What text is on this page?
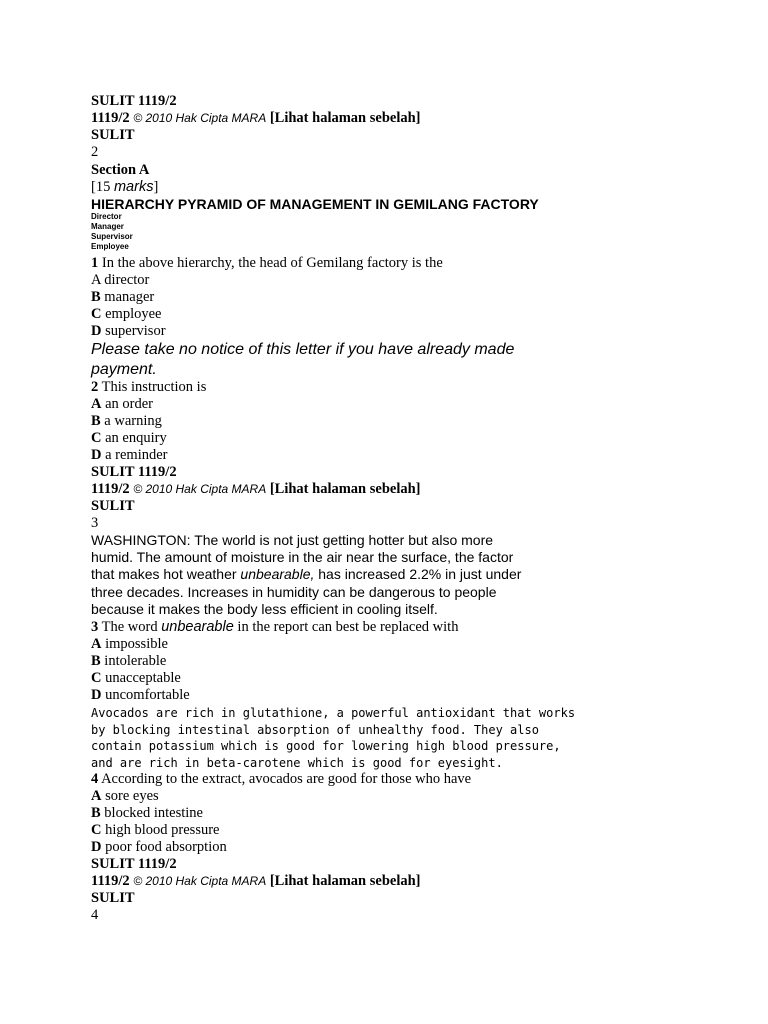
SULIT 1119/2
1119/2 © 2010 Hak Cipta MARA [Lihat halaman sebelah]
SULIT
2
Section A
[15 marks]
HIERARCHY PYRAMID OF MANAGEMENT IN GEMILANG FACTORY
Director
Manager
Supervisor
Employee
1 In the above hierarchy, the head of Gemilang factory is the
A director
B manager
C employee
D supervisor
Please take no notice of this letter if you have already made
payment.
2 This instruction is
A an order
B a warning
C an enquiry
D a reminder
SULIT 1119/2
1119/2 © 2010 Hak Cipta MARA [Lihat halaman sebelah]
SULIT
3
WASHINGTON: The world is not just getting hotter but also more
humid. The amount of moisture in the air near the surface, the factor
that makes hot weather unbearable, has increased 2.2% in just under
three decades. Increases in humidity can be dangerous to people
because it makes the body less efficient in cooling itself.
3 The word unbearable in the report can best be replaced with
A impossible
B intolerable
C unacceptable
D uncomfortable
Avocados are rich in glutathione, a powerful antioxidant that works
by blocking intestinal absorption of unhealthy food. They also
contain potassium which is good for lowering high blood pressure,
and are rich in beta-carotene which is good for eyesight.
4 According to the extract, avocados are good for those who have
A sore eyes
B blocked intestine
C high blood pressure
D poor food absorption
SULIT 1119/2
1119/2 © 2010 Hak Cipta MARA [Lihat halaman sebelah]
SULIT
4
